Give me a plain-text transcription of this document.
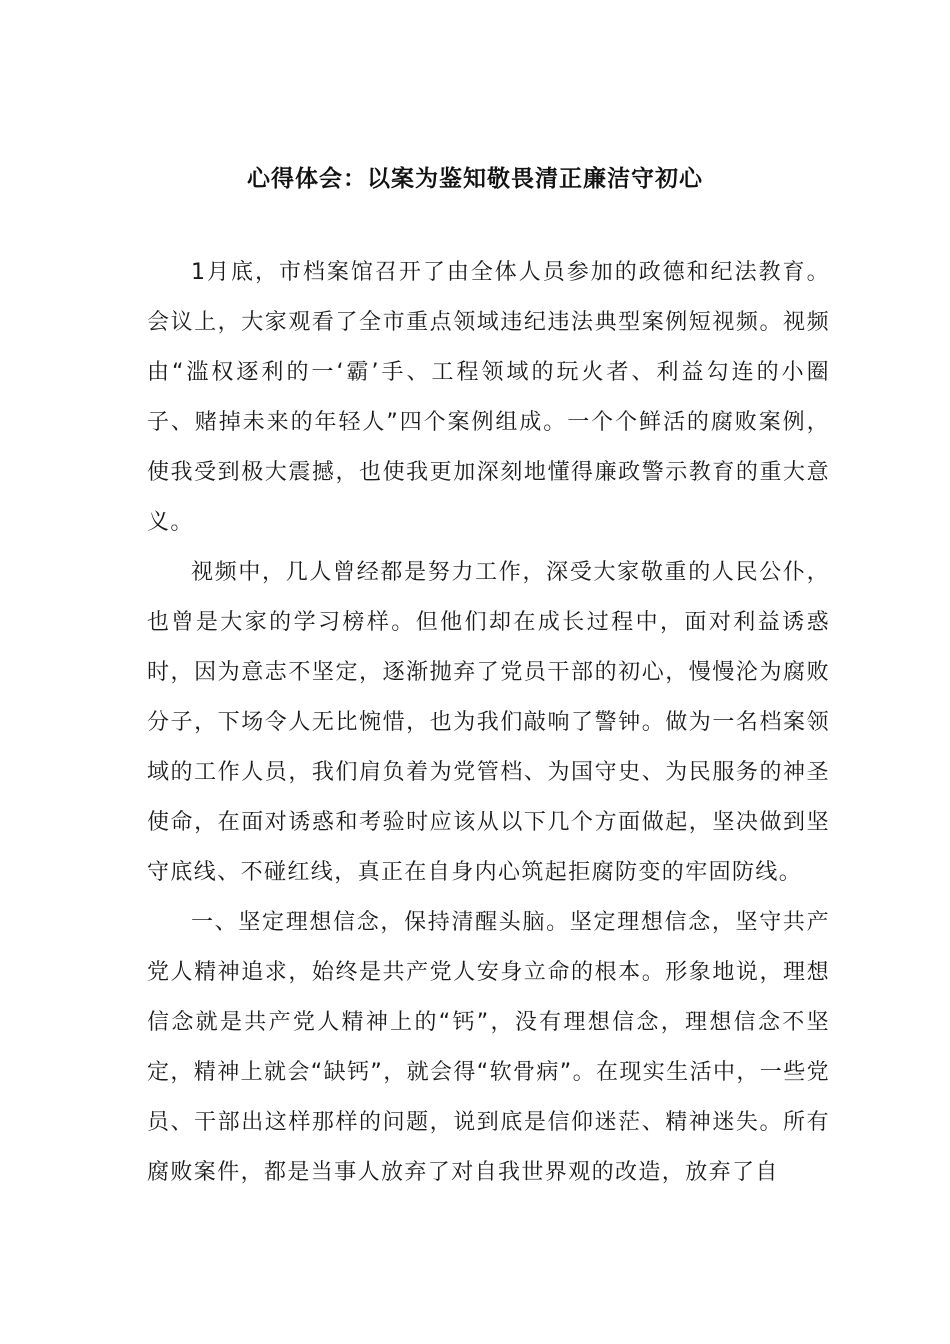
心得体会：以案为鉴知敬畏清正廉洁守初心

1月底，市档案馆召开了由全体人员参加的政德和纪法教育。会议上，大家观看了全市重点领域违纪违法典型案例短视频。视频由“滥权逐利的一‘霸’手、工程领域的玩火者、利益勾连的小圈子、赌掉未来的年轻人”四个案例组成。一个个鲜活的腐败案例，使我受到极大震撼，也使我更加深刻地懂得廉政警示教育的重大意义。

视频中，几人曾经都是努力工作，深受大家敬重的人民公仆，也曾是大家的学习榜样。但他们却在成长过程中，面对利益诱惑时，因为意志不坚定，逐渐抛弃了党员干部的初心，慢慢沦为腐败分子，下场令人无比惋惜，也为我们敲响了警钟。做为一名档案领域的工作人员，我们肩负着为党管档、为国守史、为民服务的神圣使命，在面对诱惑和考验时应该从以下几个方面做起，坚决做到坚守底线、不碰红线，真正在自身内心筑起拒腐防变的牢固防线。

一、坚定理想信念，保持清醒头脑。坚定理想信念，坚守共产党人精神追求，始终是共产党人安身立命的根本。形象地说，理想信念就是共产党人精神上的“钙”，没有理想信念，理想信念不坚定，精神上就会“缺钙”，就会得“软骨病”。在现实生活中，一些党员、干部出这样那样的问题，说到底是信仰迷茫、精神迷失。所有腐败案件，都是当事人放弃了对自我世界观的改造，放弃了自
